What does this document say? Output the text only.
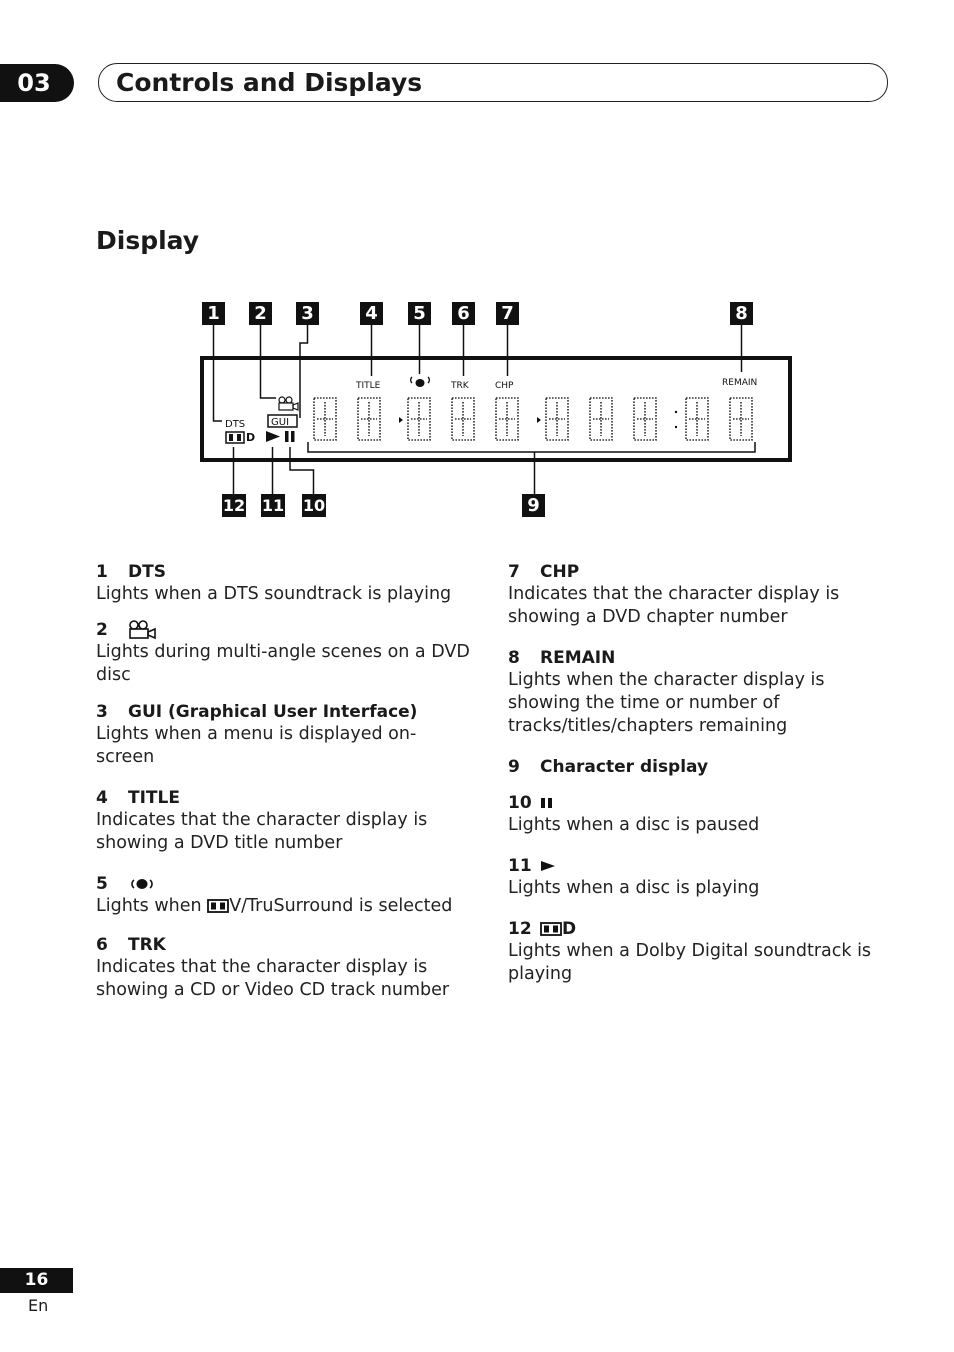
03	Controls and Displays
Display
1 2 3	4 5 6 7	8
12 11 10	9
DTS
TITLE	TRK	CHP	REMAIN
D
GUI

1 DTS

Lights when a DTS soundtrack is playing

2

Lights during multi-angle scenes on a DVD disc

3 GUI (Graphical User Interface)

Lights when a menu is displayed on-screen

4 TITLE

Indicates that the character display is showing a DVD title number

5

Lights when V/TruSurround is selected

6 TRK

Indicates that the character display is showing a CD or Video CD track number

7 CHP

Indicates that the character display is showing a DVD chapter number

8 REMAIN

Lights when the character display is showing the time or number of tracks/titles/chapters remaining

9 Character display

10

Lights when a disc is paused

11

Lights when a disc is playing

12 D

Lights when a Dolby Digital soundtrack is playing

16
En
